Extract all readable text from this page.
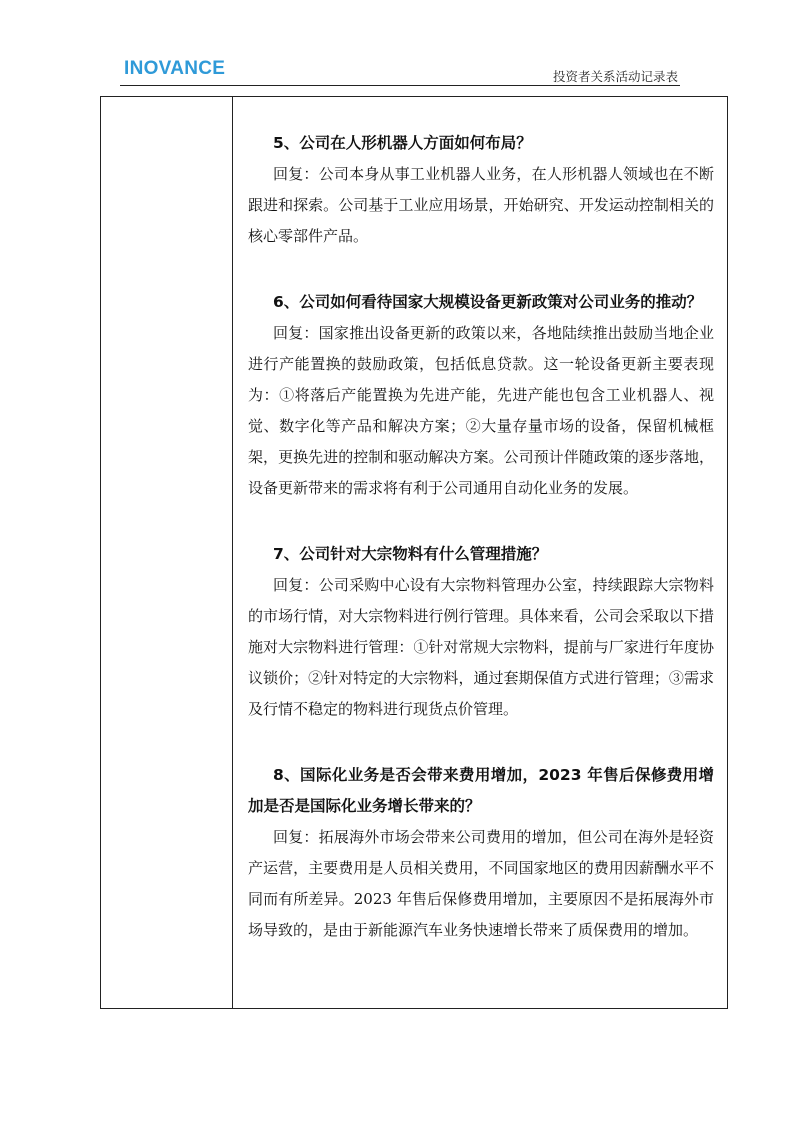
INOVANCE	投资者关系活动记录表

5、公司在人形机器人方面如何布局？

回复：公司本身从事工业机器人业务，在人形机器人领域也在不断跟进和探索。公司基于工业应用场景，开始研究、开发运动控制相关的核心零部件产品。

6、公司如何看待国家大规模设备更新政策对公司业务的推动？

回复：国家推出设备更新的政策以来，各地陆续推出鼓励当地企业进行产能置换的鼓励政策，包括低息贷款。这一轮设备更新主要表现为：①将落后产能置换为先进产能，先进产能也包含工业机器人、视觉、数字化等产品和解决方案；②大量存量市场的设备，保留机械框架，更换先进的控制和驱动解决方案。公司预计伴随政策的逐步落地，设备更新带来的需求将有利于公司通用自动化业务的发展。

7、公司针对大宗物料有什么管理措施？

回复：公司采购中心设有大宗物料管理办公室，持续跟踪大宗物料的市场行情，对大宗物料进行例行管理。具体来看，公司会采取以下措施对大宗物料进行管理：①针对常规大宗物料，提前与厂家进行年度协议锁价；②针对特定的大宗物料，通过套期保值方式进行管理；③需求及行情不稳定的物料进行现货点价管理。

8、国际化业务是否会带来费用增加，2023 年售后保修费用增加是否是国际化业务增长带来的？

回复：拓展海外市场会带来公司费用的增加，但公司在海外是轻资产运营，主要费用是人员相关费用，不同国家地区的费用因薪酬水平不同而有所差异。2023 年售后保修费用增加，主要原因不是拓展海外市场导致的，是由于新能源汽车业务快速增长带来了质保费用的增加。
